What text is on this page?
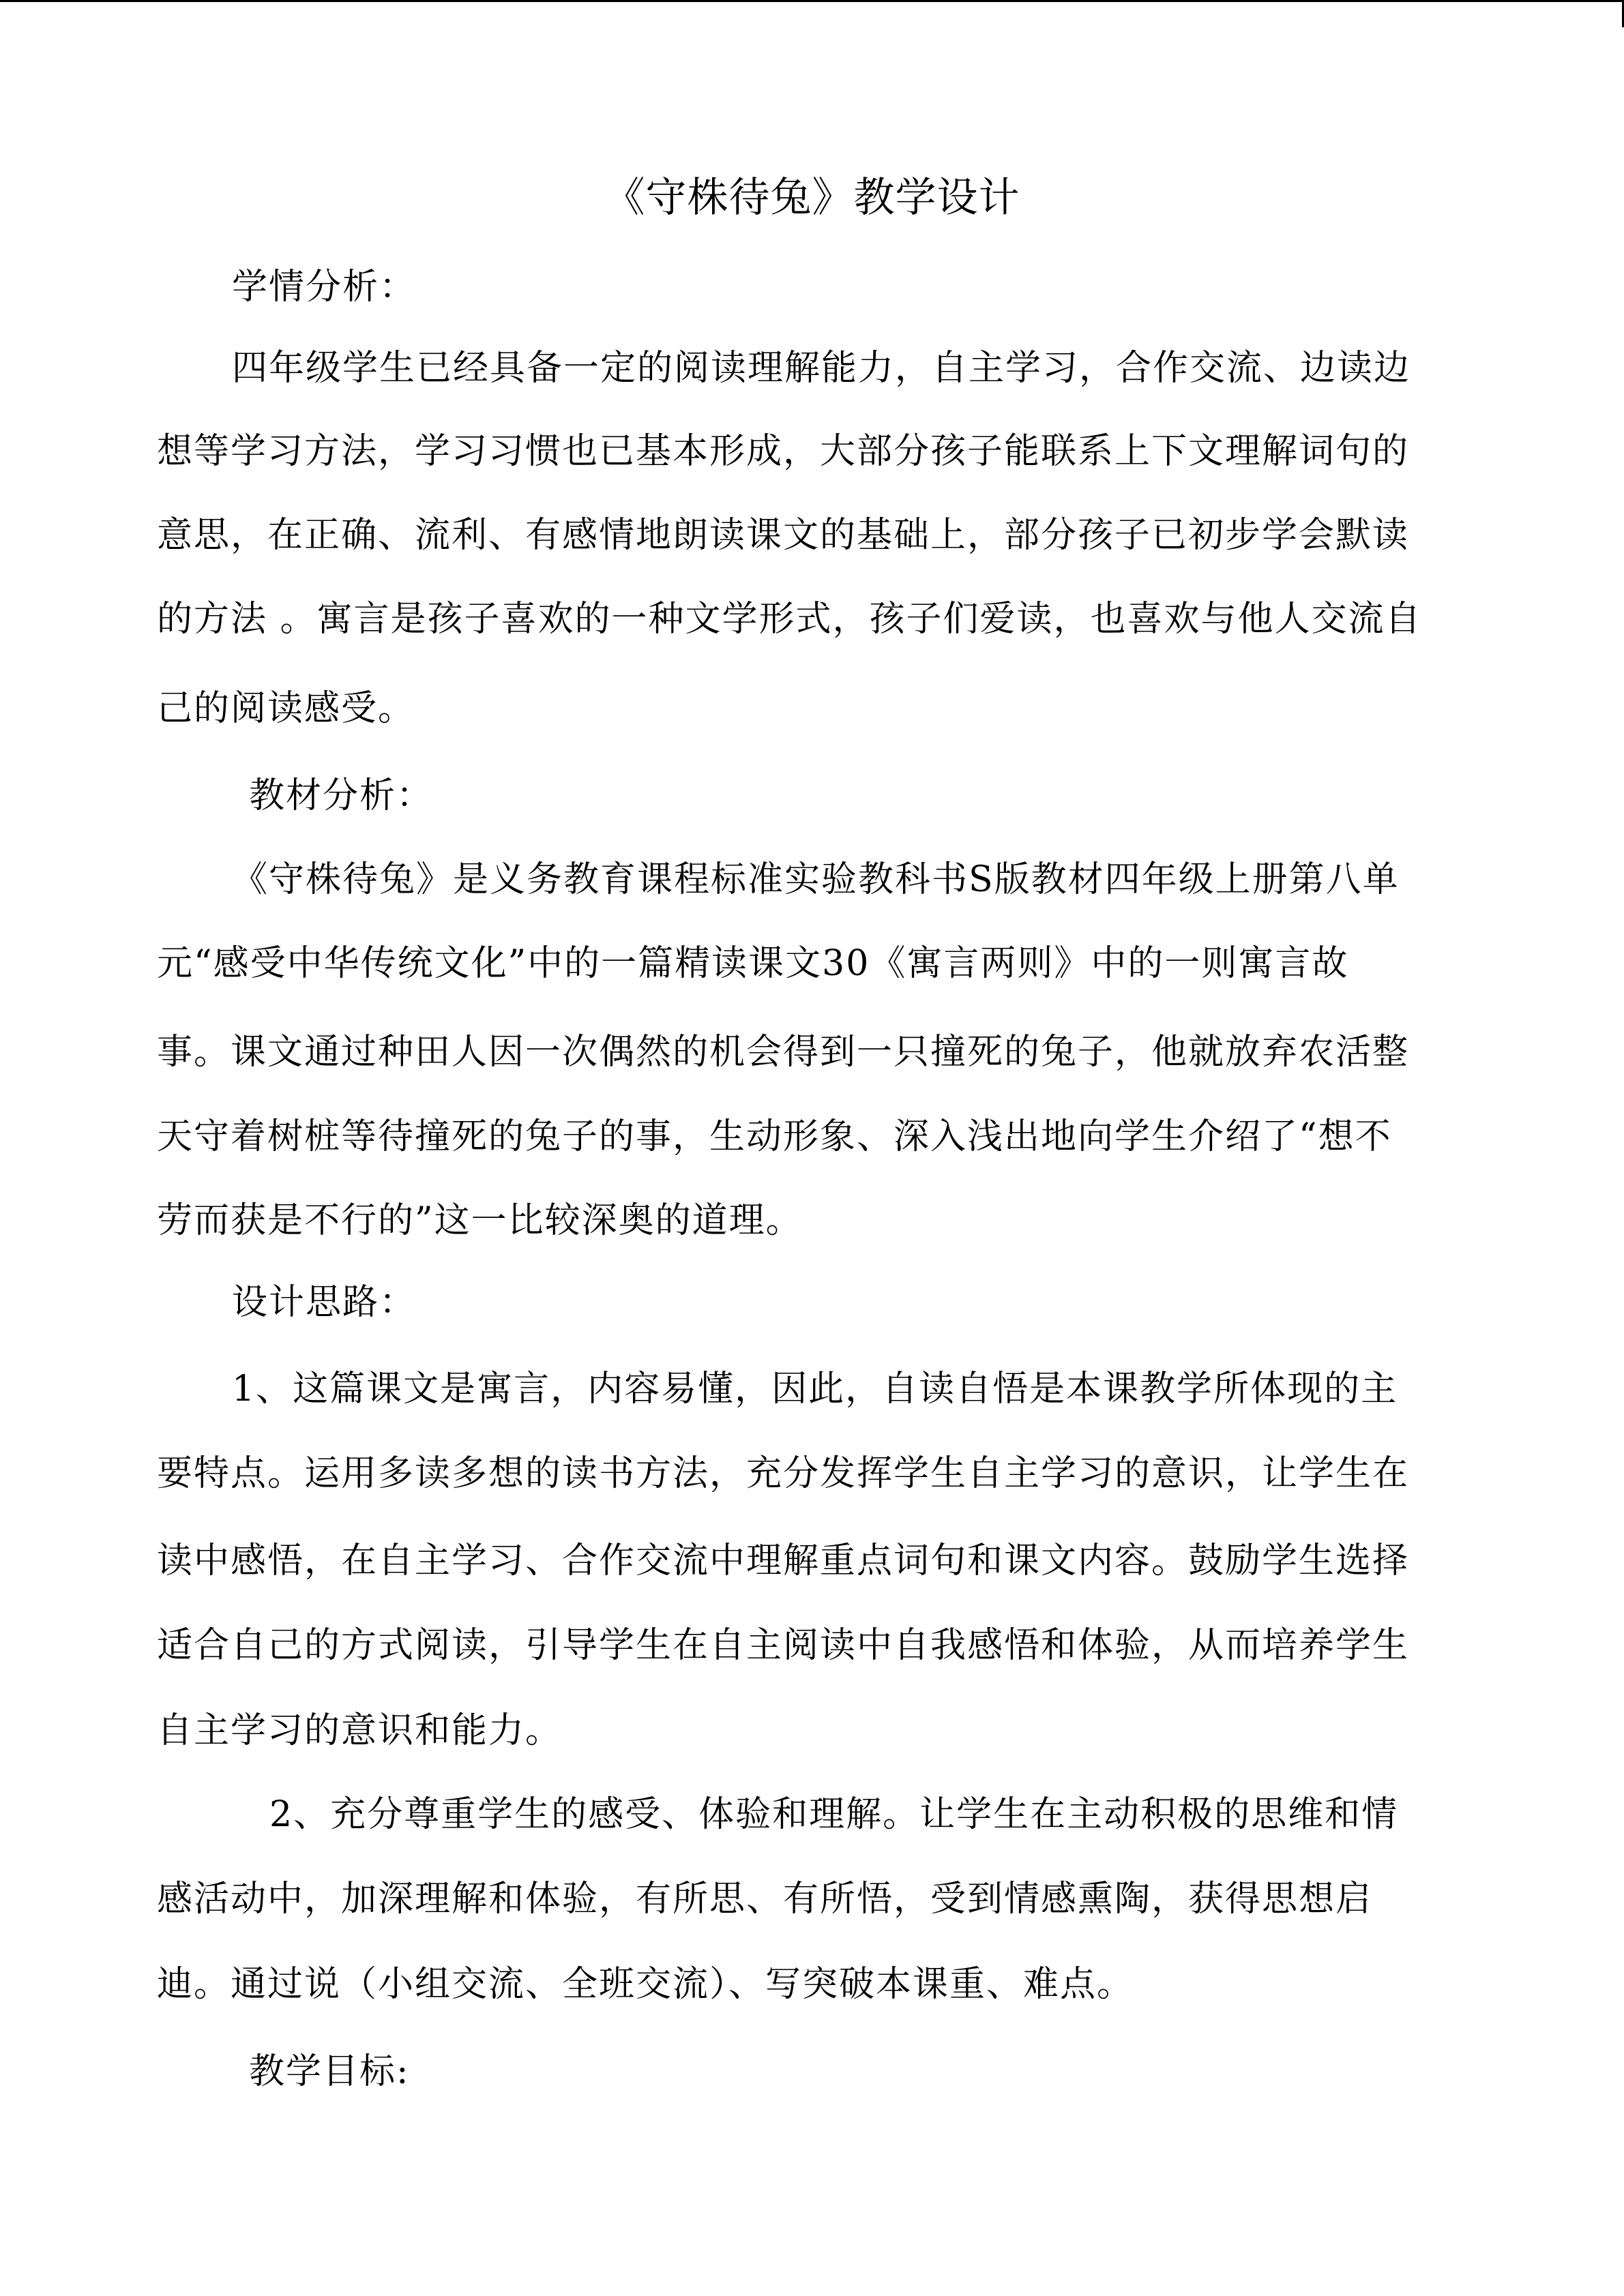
《守株待兔》教学设计
学情分析：
四年级学生已经具备一定的阅读理解能力，自主学习，合作交流、边读边
想等学习方法，学习习惯也已基本形成，大部分孩子能联系上下文理解词句的
意思，在正确、流利、有感情地朗读课文的基础上，部分孩子已初步学会默读
的方法 。寓言是孩子喜欢的一种文学形式，孩子们爱读，也喜欢与他人交流自
己的阅读感受。
教材分析：
《守株待兔》是义务教育课程标准实验教科书S版教材四年级上册第八单
元“感受中华传统文化”中的一篇精读课文30《寓言两则》中的一则寓言故
事。课文通过种田人因一次偶然的机会得到一只撞死的兔子，他就放弃农活整
天守着树桩等待撞死的兔子的事，生动形象、深入浅出地向学生介绍了“想不
劳而获是不行的”这一比较深奥的道理。
设计思路：
1、这篇课文是寓言，内容易懂，因此，自读自悟是本课教学所体现的主
要特点。运用多读多想的读书方法，充分发挥学生自主学习的意识，让学生在
读中感悟，在自主学习、合作交流中理解重点词句和课文内容。鼓励学生选择
适合自己的方式阅读，引导学生在自主阅读中自我感悟和体验，从而培养学生
自主学习的意识和能力。
2、充分尊重学生的感受、体验和理解。让学生在主动积极的思维和情
感活动中，加深理解和体验，有所思、有所悟，受到情感熏陶，获得思想启
迪。通过说（小组交流、全班交流）、写突破本课重、难点。
教学目标:
